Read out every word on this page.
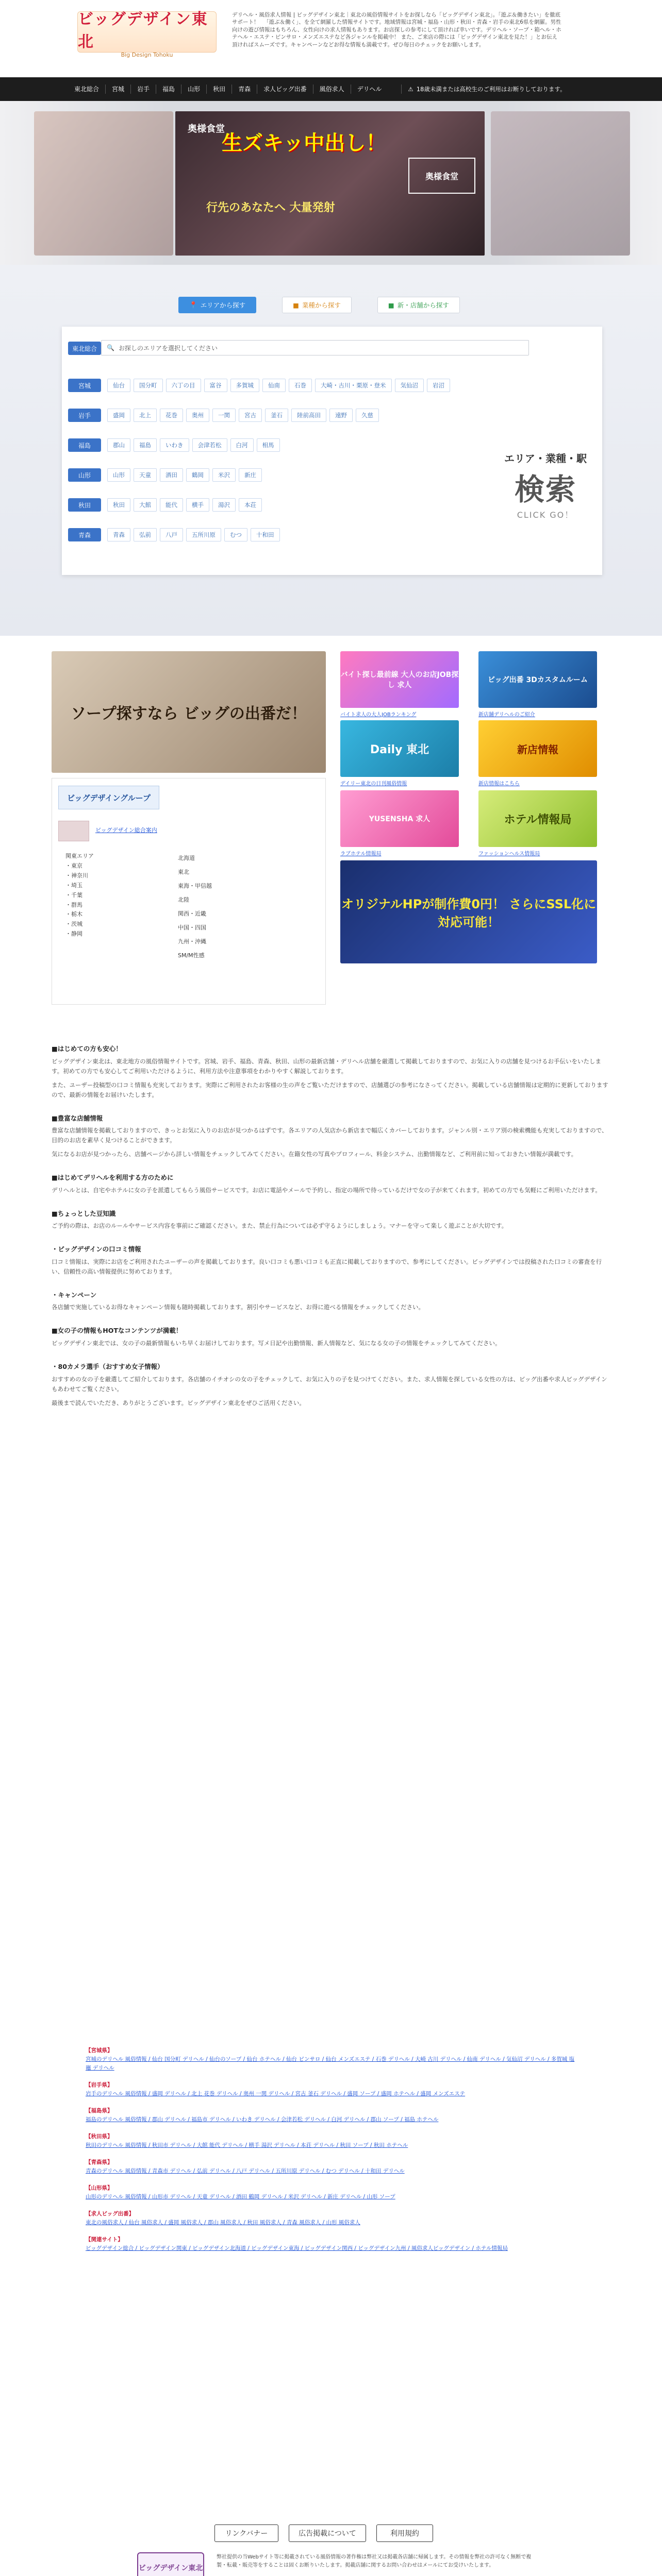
ビッグデザイン東北
Big Design Tohoku
デリヘル・風俗求人情報 | ビッグデザイン東北｜東北の風俗情報サイトをお探しなら「ビッグデザイン東北」。「遊ぶ＆働きたい」を徹底サポート！ 　「遊ぶ＆働く」、を全て網羅した情報サイトです。地域情報は宮城・福島・山形・秋田・青森・岩手の東北6県を網羅。男性向けの遊び情報はもちろん、女性向けの求人情報もあります。お店探しの参考にして頂ければ幸いです。デリヘル・ソープ・箱ヘル・ホテヘル・エステ・ピンサロ・メンズエステなど各ジャンルを掲載中！ また、ご来店の際には「ビッグデザイン東北を見た！」とお伝え頂ければスムーズです。キャンペーンなどお得な情報も満載です。ぜひ毎日のチェックをお願いします。
東北総合	宮城	岩手	福島	山形	秋田	青森	求人ビッグ出番	風俗求人	デリヘル	⚠ 18歳未満または高校生のご利用はお断りしております。
奥様食堂
生ズキッ中出し！
行先のあなたへ 大量発射
奥様食堂
📍 エリアから探す	■ 業種から探す	■ 新・店舗から探す
東北総合	🔍 お探しのエリアを選択してください
宮城	仙台	国分町	六丁の目	富谷	多賀城	仙南	石巻	大崎・古川・栗原・登米	気仙沼	岩沼
岩手	盛岡	北上	花巻	奥州	一関	宮古	釜石	陸前高田	遠野	久慈
福島	郡山	福島	いわき	会津若松	白河	相馬
山形	山形	天童	酒田	鶴岡	米沢	新庄
秋田	秋田	大館	能代	横手	湯沢	本荘
青森	青森	弘前	八戸	五所川原	むつ	十和田
エリア・業種・駅
検索
CLICK GO！
ソープ探すなら ビッグの出番だ！
バイト探し最前線 大人のお店JOB探し 求人
バイト求人の大人JOBランキング
ビッグ出番 3Dカスタムルーム
新店舗デリヘルのご紹介
Daily 東北
デイリー東北の日刊風俗情報
新店情報
新店情報はこちら
YUSENSHA 求人
ラブホテル情報局
ホテル情報局
ファッションヘルス情報局
オリジナルHPが制作費0円！ さらにSSL化に対応可能！
ビッグデザイングループ
ビッグデザイン総合案内
関東エリア
・東京
・神奈川
・埼玉
・千葉
・群馬
・栃木
・茨城
・静岡
北海道
東北
東海・甲信越
北陸
関西・近畿
中国・四国
九州・沖縄
SM/M性感
■はじめての方も安心！

ビッグデザイン東北は、東北地方の風俗情報サイトです。宮城、岩手、福島、青森、秋田、山形の最新店舗・デリヘル店舗を厳選して掲載しておりますので、お気に入りの店舗を見つけるお手伝いをいたします。初めての方でも安心してご利用いただけるように、利用方法や注意事項をわかりやすく解説しております。

また、ユーザー投稿型の口コミ情報も充実しております。実際にご利用されたお客様の生の声をご覧いただけますので、店舗選びの参考になさってください。掲載している店舗情報は定期的に更新しておりますので、最新の情報をお届けいたします。

■豊富な店舗情報

豊富な店舗情報を掲載しておりますので、きっとお気に入りのお店が見つかるはずです。各エリアの人気店から新店まで幅広くカバーしております。ジャンル別・エリア別の検索機能も充実しておりますので、目的のお店を素早く見つけることができます。

気になるお店が見つかったら、店舗ページから詳しい情報をチェックしてみてください。在籍女性の写真やプロフィール、料金システム、出勤情報など、ご利用前に知っておきたい情報が満載です。

■はじめてデリヘルを利用する方のために

デリヘルとは、自宅やホテルに女の子を派遣してもらう風俗サービスです。お店に電話やメールで予約し、指定の場所で待っているだけで女の子が来てくれます。初めての方でも気軽にご利用いただけます。

■ちょっとした豆知識

ご予約の際は、お店のルールやサービス内容を事前にご確認ください。また、禁止行為については必ず守るようにしましょう。マナーを守って楽しく遊ぶことが大切です。

・ビッグデザインの口コミ情報

口コミ情報は、実際にお店をご利用されたユーザーの声を掲載しております。良い口コミも悪い口コミも正直に掲載しておりますので、参考にしてください。ビッグデザインでは投稿された口コミの審査を行い、信頼性の高い情報提供に努めております。

・キャンペーン

各店舗で実施しているお得なキャンペーン情報も随時掲載しております。割引やサービスなど、お得に遊べる情報をチェックしてください。

■女の子の情報もHOTなコンテンツが満載！

ビッグデザイン東北では、女の子の最新情報もいち早くお届けしております。写メ日記や出勤情報、新人情報など、気になる女の子の情報をチェックしてみてください。

・80カメラ選手（おすすめ女子情報）

おすすめの女の子を厳選してご紹介しております。各店舗のイチオシの女の子をチェックして、お気に入りの子を見つけてください。また、求人情報を探している女性の方は、ビッグ出番や求人ビッグデザインもあわせてご覧ください。

最後まで読んでいただき、ありがとうございます。ビッグデザイン東北をぜひご活用ください。

【宮城県】
宮城のデリヘル 風俗情報 / 仙台 国分町 デリヘル / 仙台のソープ / 仙台 ホテヘル / 仙台 ピンサロ / 仙台 メンズエステ / 石巻 デリヘル / 大崎 古川 デリヘル / 仙南 デリヘル / 気仙沼 デリヘル / 多賀城 塩竈 デリヘル
【岩手県】
岩手のデリヘル 風俗情報 / 盛岡 デリヘル / 北上 花巻 デリヘル / 奥州 一関 デリヘル / 宮古 釜石 デリヘル / 盛岡 ソープ / 盛岡 ホテヘル / 盛岡 メンズエステ
【福島県】
福島のデリヘル 風俗情報 / 郡山 デリヘル / 福島市 デリヘル / いわき デリヘル / 会津若松 デリヘル / 白河 デリヘル / 郡山 ソープ / 福島 ホテヘル
【秋田県】
秋田のデリヘル 風俗情報 / 秋田市 デリヘル / 大館 能代 デリヘル / 横手 湯沢 デリヘル / 本荘 デリヘル / 秋田 ソープ / 秋田 ホテヘル
【青森県】
青森のデリヘル 風俗情報 / 青森市 デリヘル / 弘前 デリヘル / 八戸 デリヘル / 五所川原 デリヘル / むつ デリヘル / 十和田 デリヘル
【山形県】
山形のデリヘル 風俗情報 / 山形市 デリヘル / 天童 デリヘル / 酒田 鶴岡 デリヘル / 米沢 デリヘル / 新庄 デリヘル / 山形 ソープ
【求人ビッグ出番】
東北の風俗求人 / 仙台 風俗求人 / 盛岡 風俗求人 / 郡山 風俗求人 / 秋田 風俗求人 / 青森 風俗求人 / 山形 風俗求人
【関連サイト】
ビッグデザイン総合 / ビッグデザイン関東 / ビッグデザイン北海道 / ビッグデザイン東海 / ビッグデザイン関西 / ビッグデザイン九州 / 風俗求人ビッグデザイン / ホテル情報局
リンクバナー	広告掲載について	利用規約
ビッグデザイン東北
弊社提供の当Webサイト等に掲載されている風俗情報の著作権は弊社又は掲載各店舗に帰属します。その情報を弊社の許可なく無断で複製・転載・販売等をすることは固くお断りいたします。掲載店舗に関するお問い合わせはメールにてお受けいたします。
